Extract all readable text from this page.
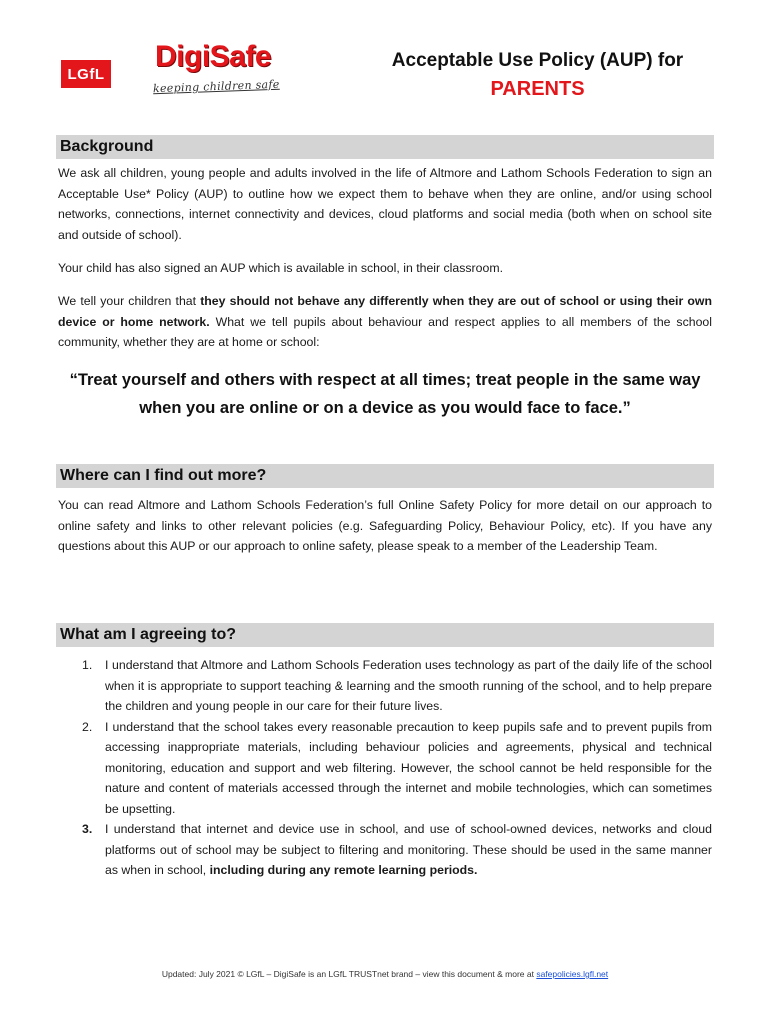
LGfL
DigiSafe
keeping children safe
Acceptable Use Policy (AUP) for
PARENTS
Background
We ask all children, young people and adults involved in the life of Altmore and Lathom Schools Federation to sign an Acceptable Use* Policy (AUP) to outline how we expect them to behave when they are online, and/or using school networks, connections, internet connectivity and devices, cloud platforms and social media (both when on school site and outside of school).
Your child has also signed an AUP which is available in school, in their classroom.
We tell your children that they should not behave any differently when they are out of school or using their own device or home network. What we tell pupils about behaviour and respect applies to all members of the school community, whether they are at home or school:
“Treat yourself and others with respect at all times; treat people in the same way when you are online or on a device as you would face to face.”
Where can I find out more?
You can read Altmore and Lathom Schools Federation’s full Online Safety Policy for more detail on our approach to online safety and links to other relevant policies (e.g. Safeguarding Policy, Behaviour Policy, etc). If you have any questions about this AUP or our approach to online safety, please speak to a member of the Leadership Team.
What am I agreeing to?
1. I understand that Altmore and Lathom Schools Federation uses technology as part of the daily life of the school when it is appropriate to support teaching & learning and the smooth running of the school, and to help prepare the children and young people in our care for their future lives.
2. I understand that the school takes every reasonable precaution to keep pupils safe and to prevent pupils from accessing inappropriate materials, including behaviour policies and agreements, physical and technical monitoring, education and support and web filtering. However, the school cannot be held responsible for the nature and content of materials accessed through the internet and mobile technologies, which can sometimes be upsetting.
3. I understand that internet and device use in school, and use of school-owned devices, networks and cloud platforms out of school may be subject to filtering and monitoring. These should be used in the same manner as when in school, including during any remote learning periods.
Updated: July 2021 © LGfL – DigiSafe is an LGfL TRUSTnet brand – view this document & more at safepolicies.lgfl.net
